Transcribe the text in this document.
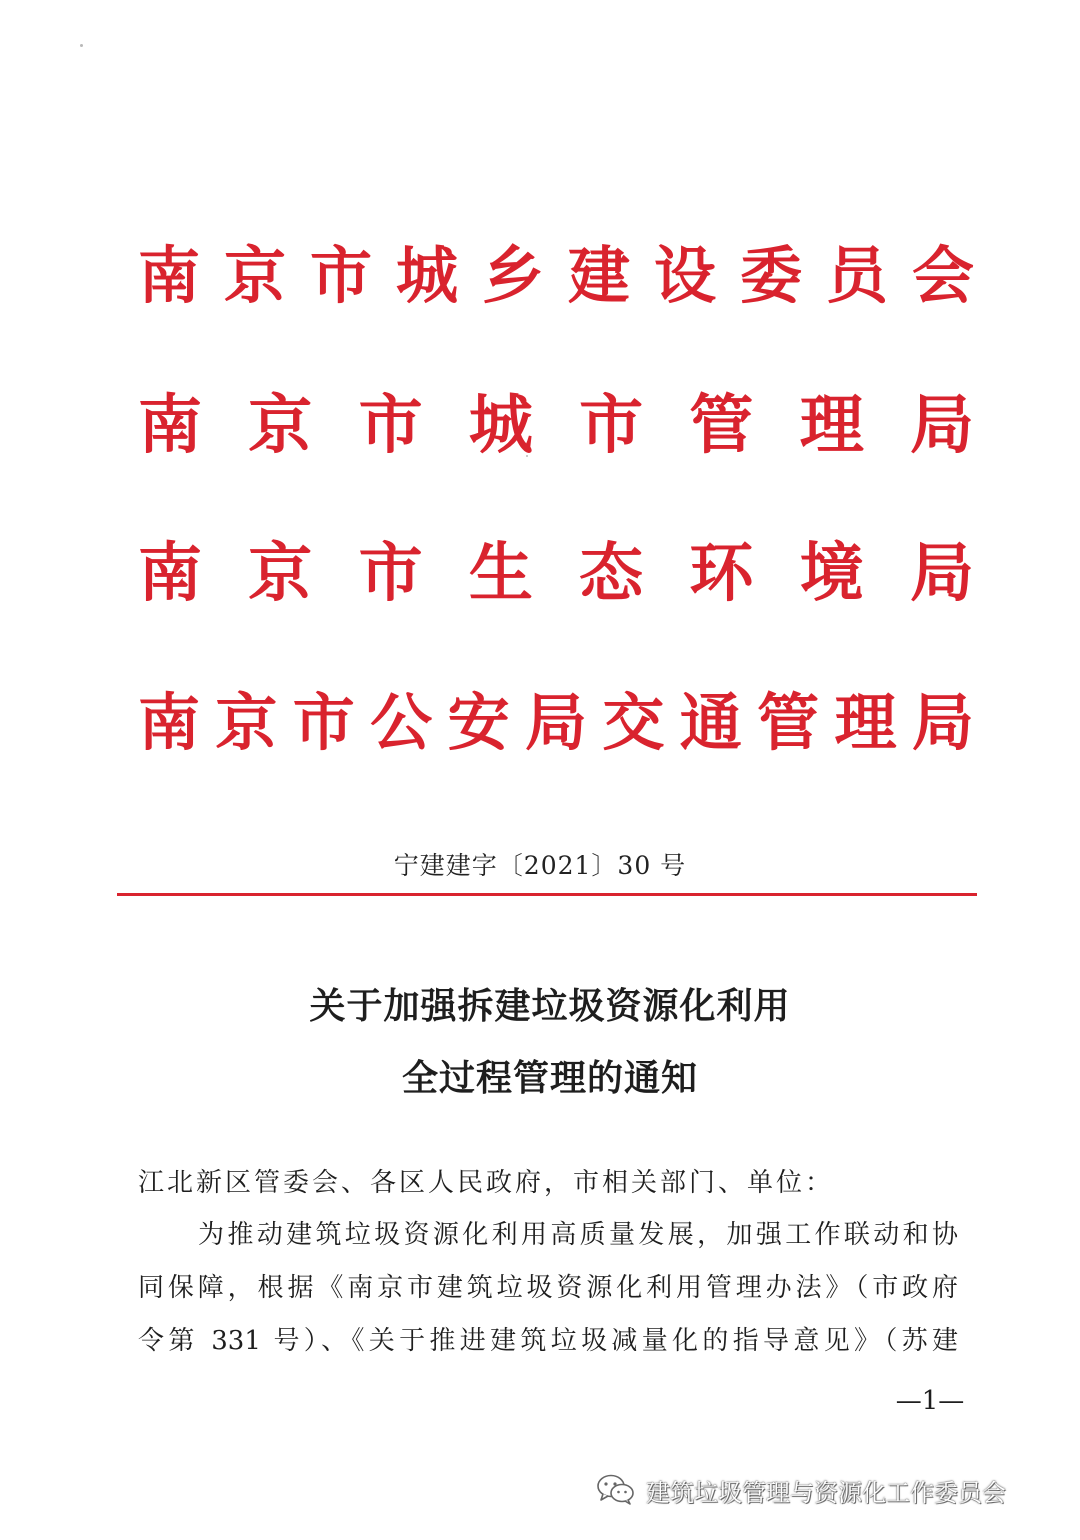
南 京 市 城 乡 建 设 委 员 会
南 京 市 城 市 管 理 局
南 京 市 生 态 环 境 局
南 京 市 公 安 局 交 通 管 理 局
宁建建字〔2021〕30 号
关于加强拆建垃圾资源化利用
全过程管理的通知
江北新区管委会、各区人民政府，市相关部门、单位：
为推动建筑垃圾资源化利用高质量发展，加强工作联动和协
同保障，根据《南京市建筑垃圾资源化利用管理办法》（市政府
令第 331 号）、《关于推进建筑垃圾减量化的指导意见》（苏建
—1—
建筑垃圾管理与资源化工作委员会
